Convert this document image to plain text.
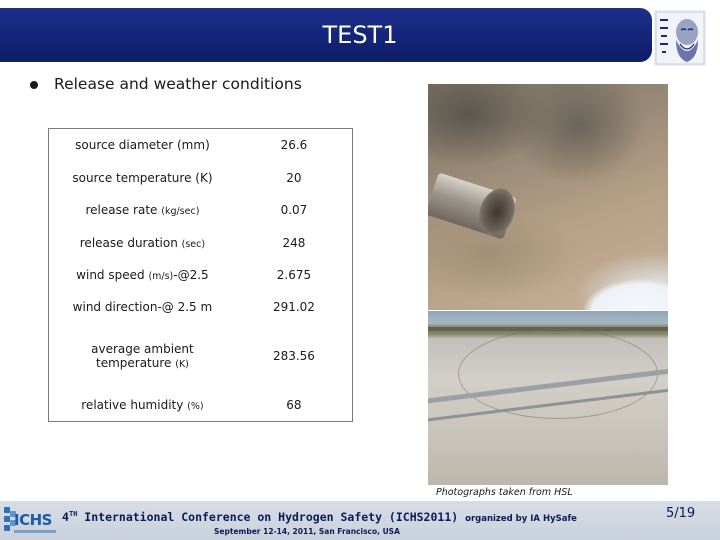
TEST1
Release and weather conditions
source diameter (mm)	26.6
source temperature (K)	20
release rate (kg/sec)	0.07
release duration (sec)	248
wind speed (m/s)-@2.5	2.675
wind direction-@ 2.5 m	291.02
average ambient temperature (K)	283.56
relative humidity (%)	68
Photographs taken from HSL
ICHS 4TH International Conference on Hydrogen Safety (ICHS2011) organized by IA HySafe
September 12-14, 2011, San Francisco, USA
5/19
